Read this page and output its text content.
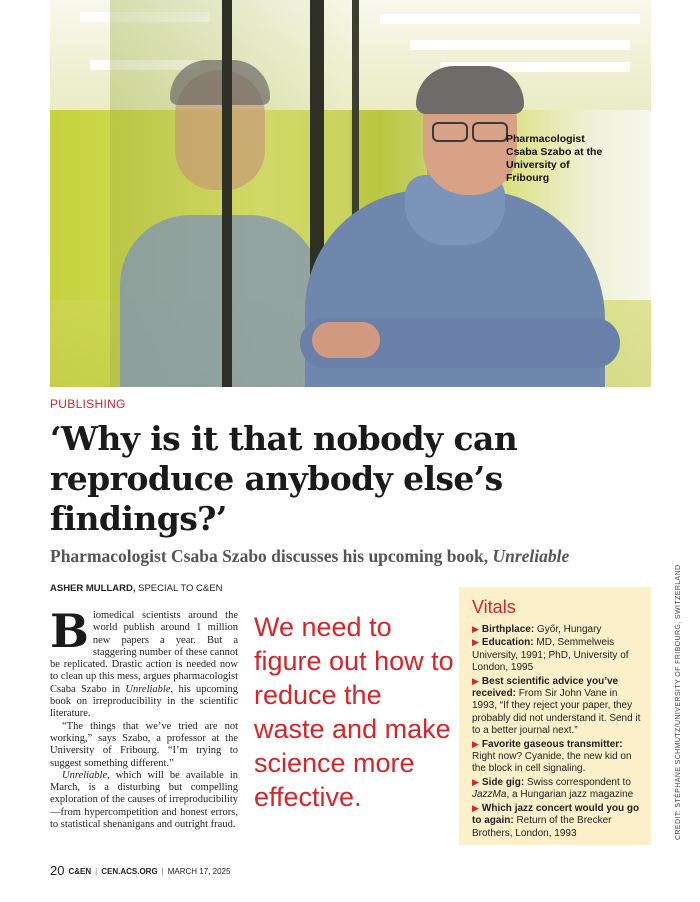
Pharmacologist Csaba Szabo at the University of Fribourg

PUBLISHING

‘Why is it that nobody can reproduce anybody else’s findings?’

Pharmacologist Csaba Szabo discusses his upcoming book, Unreliable

ASHER MULLARD, SPECIAL TO C&EN

Biomedical scientists around the world publish around 1 million new papers a year. But a staggering number of these cannot be replicated. Drastic action is needed now to clean up this mess, argues pharmacologist Csaba Szabo in Unreliable, his upcoming book on irreproducibility in the scientific literature.

“The things that we’ve tried are not working,” says Szabo, a professor at the University of Fribourg. “I’m trying to suggest something different.”

Unreliable, which will be available in March, is a disturbing but compelling exploration of the causes of irreproducibility—from hypercompetition and honest errors, to statistical shenanigans and outright fraud.

We need to figure out how to reduce the waste and make science more effective.

Vitals

▶ Birthplace: Győr, Hungary

▶ Education: MD, Semmelweis University, 1991; PhD, University of London, 1995

▶ Best scientific advice you’ve received: From Sir John Vane in 1993, “If they reject your paper, they probably did not understand it. Send it to a better journal next.”

▶ Favorite gaseous transmitter: Right now? Cyanide, the new kid on the block in cell signaling.

▶ Side gig: Swiss correspondent to JazzMa, a Hungarian jazz magazine

▶ Which jazz concert would you go to again: Return of the Brecker Brothers, London, 1993

20 C&EN | CEN.ACS.ORG | MARCH 17, 2025

CREDIT: STÉPHANE SCHMUTZ/UNIVERSITY OF FRIBOURG, SWITZERLAND
